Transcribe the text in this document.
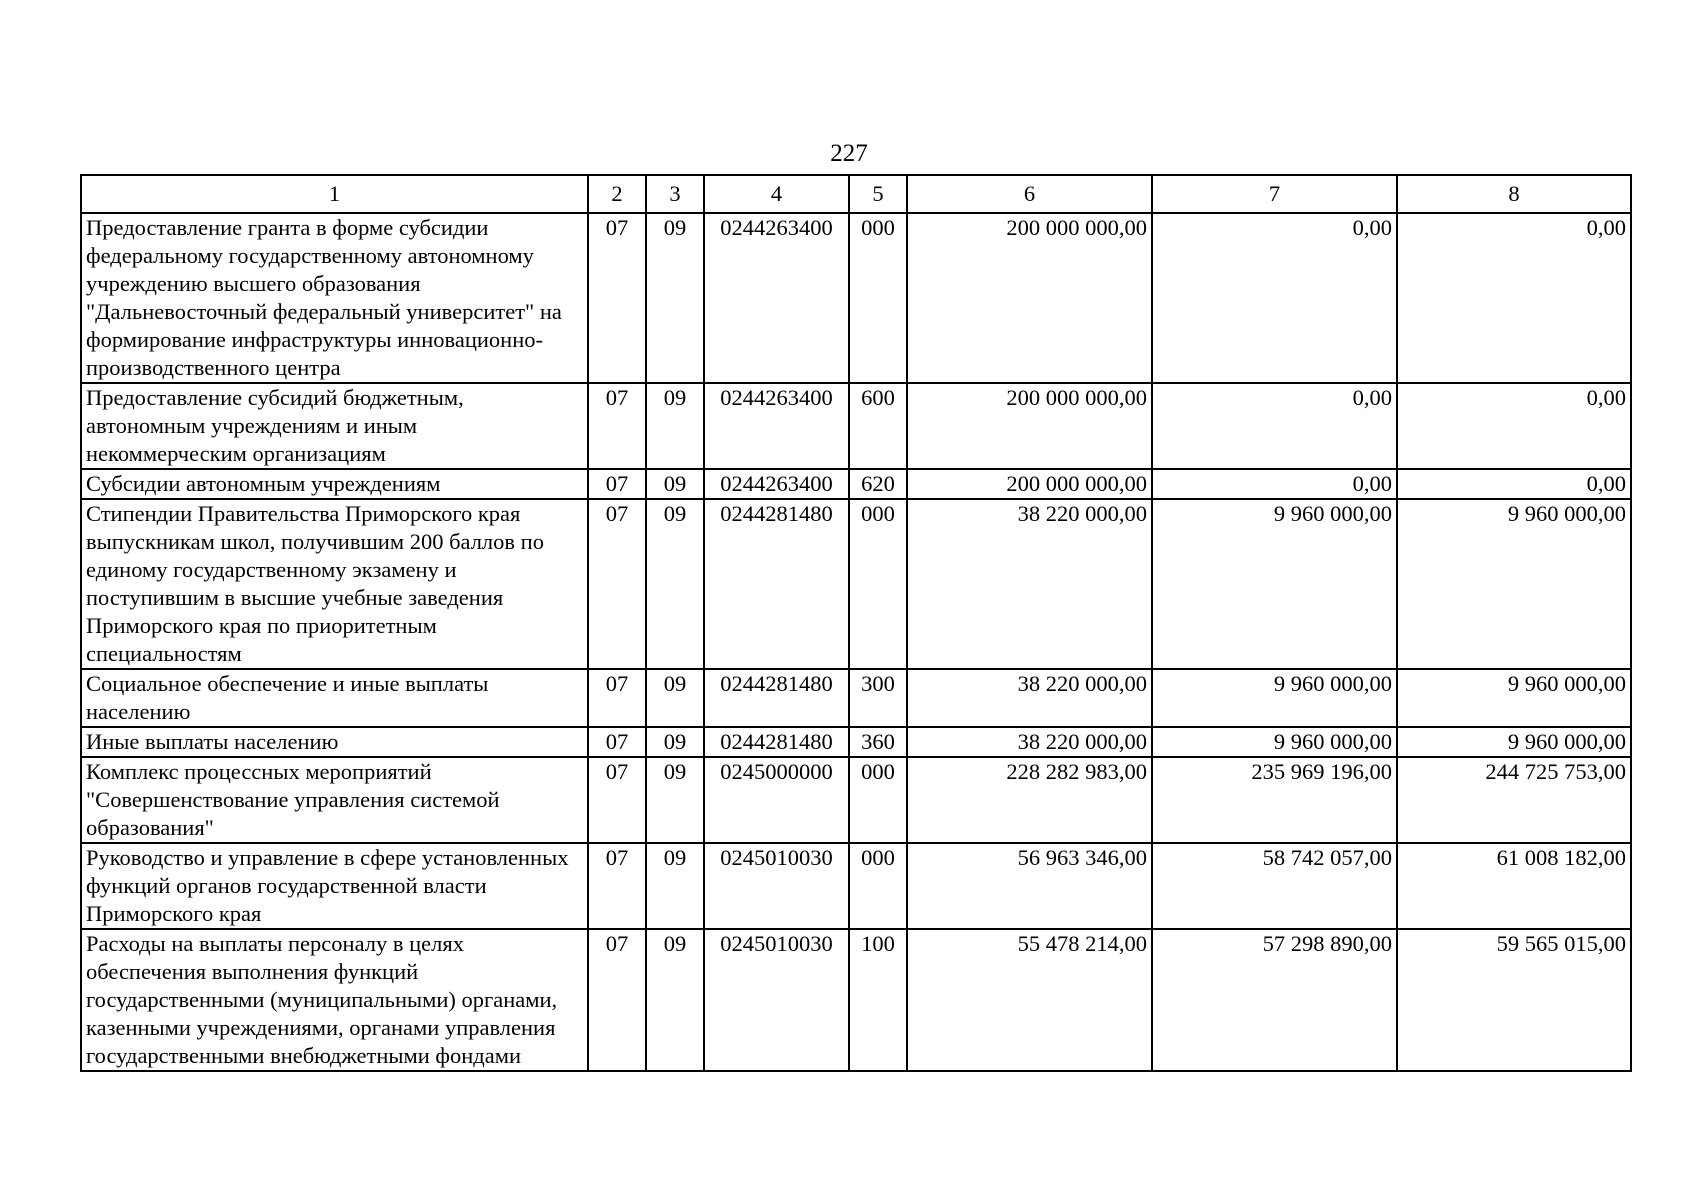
227
1	2	3	4	5	6	7	8
Предоставление гранта в форме субсидии федеральному государственному автономному учреждению высшего образования "Дальневосточный федеральный университет" на формирование инфраструктуры инновационно-производственного центра	07	09	0244263400	000	200 000 000,00	0,00	0,00
Предоставление субсидий бюджетным, автономным учреждениям и иным некоммерческим организациям	07	09	0244263400	600	200 000 000,00	0,00	0,00
Субсидии автономным учреждениям	07	09	0244263400	620	200 000 000,00	0,00	0,00
Стипендии Правительства Приморского края выпускникам школ, получившим 200 баллов по единому государственному экзамену и поступившим в высшие учебные заведения Приморского края по приоритетным специальностям	07	09	0244281480	000	38 220 000,00	9 960 000,00	9 960 000,00
Социальное обеспечение и иные выплаты населению	07	09	0244281480	300	38 220 000,00	9 960 000,00	9 960 000,00
Иные выплаты населению	07	09	0244281480	360	38 220 000,00	9 960 000,00	9 960 000,00
Комплекс процессных мероприятий "Совершенствование управления системой образования"	07	09	0245000000	000	228 282 983,00	235 969 196,00	244 725 753,00
Руководство и управление в сфере установленных функций органов государственной власти Приморского края	07	09	0245010030	000	56 963 346,00	58 742 057,00	61 008 182,00
Расходы на выплаты персоналу в целях обеспечения выполнения функций государственными (муниципальными) органами, казенными учреждениями, органами управления государственными внебюджетными фондами	07	09	0245010030	100	55 478 214,00	57 298 890,00	59 565 015,00
